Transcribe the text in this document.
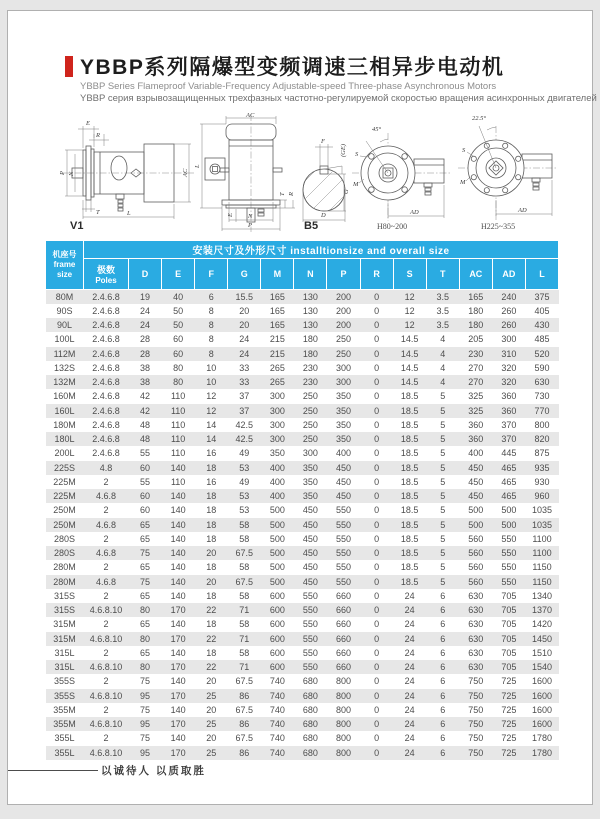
YBBP系列隔爆型变频调速三相异步电动机
YBBP Series Flameproof Variable-Frequency Adjustable-speed Three-phase Asynchronous Motors
YBBP серия взрывозащищенных трехфазных частотно-регулируемой скоростью вращения асинхронных двигателей
E
R
P N	AC
T	L
AC
L
E
T R
N
P
F
(GE)
G
D
45°
S
M
AD
22.5°
S
M
AD
V1	B5	H80~200	H225~355
机座号
frame size	安装尺寸及外形尺寸 installtionsize and overall size													
	极数
Poles	D	E	F	G	M	N	P	R	S	T	AC	AD	L
80M	2.4.6.8	19	40	6	15.5	165	130	200	0	12	3.5	165	240	375
90S	2.4.6.8	24	50	8	20	165	130	200	0	12	3.5	180	260	405
90L	2.4.6.8	24	50	8	20	165	130	200	0	12	3.5	180	260	430
100L	2.4.6.8	28	60	8	24	215	180	250	0	14.5	4	205	300	485
112M	2.4.6.8	28	60	8	24	215	180	250	0	14.5	4	230	310	520
132S	2.4.6.8	38	80	10	33	265	230	300	0	14.5	4	270	320	590
132M	2.4.6.8	38	80	10	33	265	230	300	0	14.5	4	270	320	630
160M	2.4.6.8	42	110	12	37	300	250	350	0	18.5	5	325	360	730
160L	2.4.6.8	42	110	12	37	300	250	350	0	18.5	5	325	360	770
180M	2.4.6.8	48	110	14	42.5	300	250	350	0	18.5	5	360	370	800
180L	2.4.6.8	48	110	14	42.5	300	250	350	0	18.5	5	360	370	820
200L	2.4.6.8	55	110	16	49	350	300	400	0	18.5	5	400	445	875
225S	4.8	60	140	18	53	400	350	450	0	18.5	5	450	465	935
225M	2	55	110	16	49	400	350	450	0	18.5	5	450	465	930
225M	4.6.8	60	140	18	53	400	350	450	0	18.5	5	450	465	960
250M	2	60	140	18	53	500	450	550	0	18.5	5	500	500	1035
250M	4.6.8	65	140	18	58	500	450	550	0	18.5	5	500	500	1035
280S	2	65	140	18	58	500	450	550	0	18.5	5	560	550	1100
280S	4.6.8	75	140	20	67.5	500	450	550	0	18.5	5	560	550	1100
280M	2	65	140	18	58	500	450	550	0	18.5	5	560	550	1150
280M	4.6.8	75	140	20	67.5	500	450	550	0	18.5	5	560	550	1150
315S	2	65	140	18	58	600	550	660	0	24	6	630	705	1340
315S	4.6.8.10	80	170	22	71	600	550	660	0	24	6	630	705	1370
315M	2	65	140	18	58	600	550	660	0	24	6	630	705	1420
315M	4.6.8.10	80	170	22	71	600	550	660	0	24	6	630	705	1450
315L	2	65	140	18	58	600	550	660	0	24	6	630	705	1510
315L	4.6.8.10	80	170	22	71	600	550	660	0	24	6	630	705	1540
355S	2	75	140	20	67.5	740	680	800	0	24	6	750	725	1600
355S	4.6.8.10	95	170	25	86	740	680	800	0	24	6	750	725	1600
355M	2	75	140	20	67.5	740	680	800	0	24	6	750	725	1600
355M	4.6.8.10	95	170	25	86	740	680	800	0	24	6	750	725	1600
355L	2	75	140	20	67.5	740	680	800	0	24	6	750	725	1780
355L	4.6.8.10	95	170	25	86	740	680	800	0	24	6	750	725	1780
以诚待人 以质取胜
